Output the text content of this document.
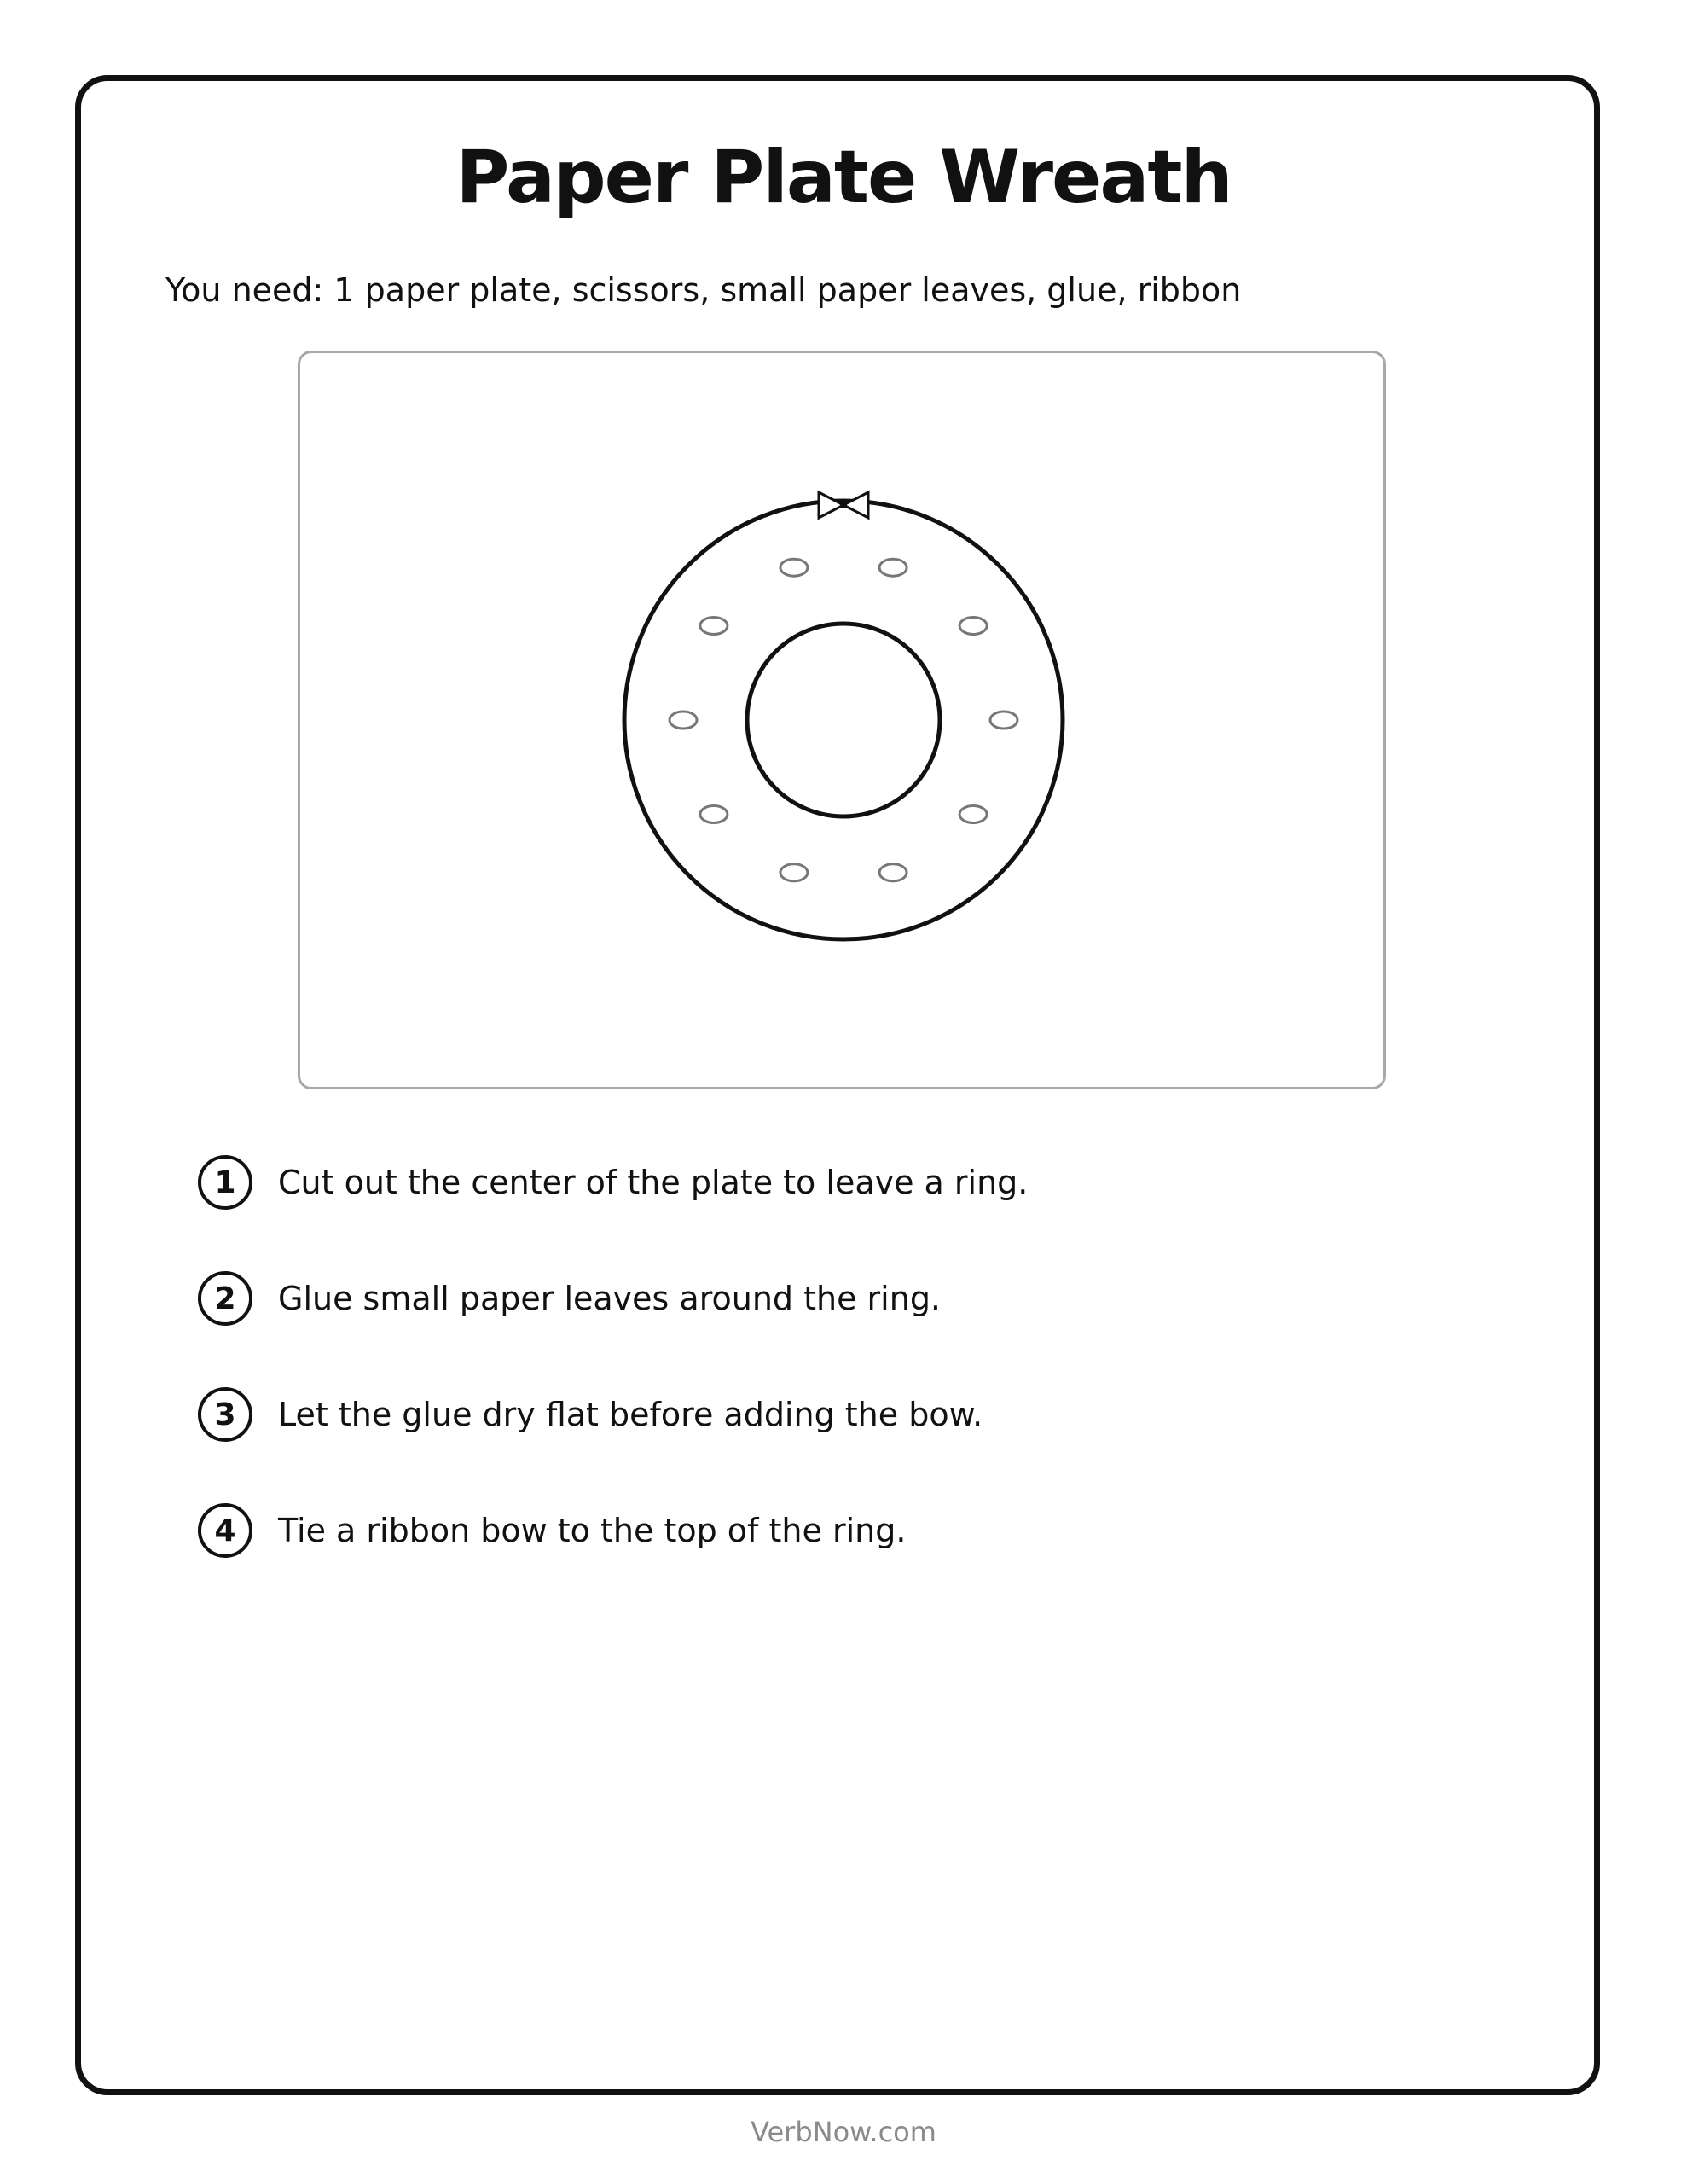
Paper Plate Wreath
You need: 1 paper plate, scissors, small paper leaves, glue, ribbon
1	Cut out the center of the plate to leave a ring.
2	Glue small paper leaves around the ring.
3	Let the glue dry flat before adding the bow.
4	Tie a ribbon bow to the top of the ring.
VerbNow.com
